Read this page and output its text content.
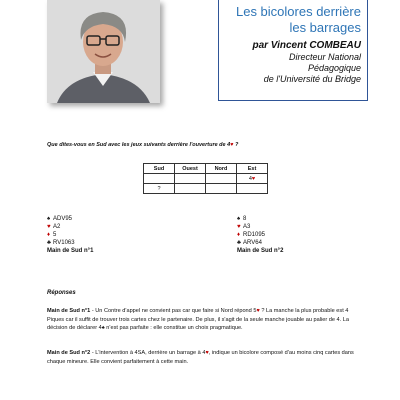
Les bicolores derrière
les barrages
par Vincent COMBEAU
Directeur National
Pédagogique
de l'Université du Bridge
Que dites-vous en Sud avec les jeux suivants derrière l'ouverture de 4♥ ?
Sud	Ouest	Nord	Est
			4♥
?			
♠ ADV95
♥ A2
♦ 5
♣ RV1063
Main de Sud n°1
♠ 8
♥ A3
♦ RD1095
♣ ARV64
Main de Sud n°2
Réponses
Main de Sud n°1 - Un Contre d'appel ne convient pas car que faire si Nord répond 5♥ ? La manche la plus probable est 4 Piques car il suffit de trouver trois cartes chez le partenaire. De plus, il s'agit de la seule manche jouable au palier de 4. La décision de déclarer 4♠ n'est pas parfaite : elle constitue un choix pragmatique.
Main de Sud n°2 - L'intervention à 4SA, derrière un barrage à 4♥, indique un bicolore composé d'au moins cinq cartes dans chaque mineure. Elle convient parfaitement à cette main.
